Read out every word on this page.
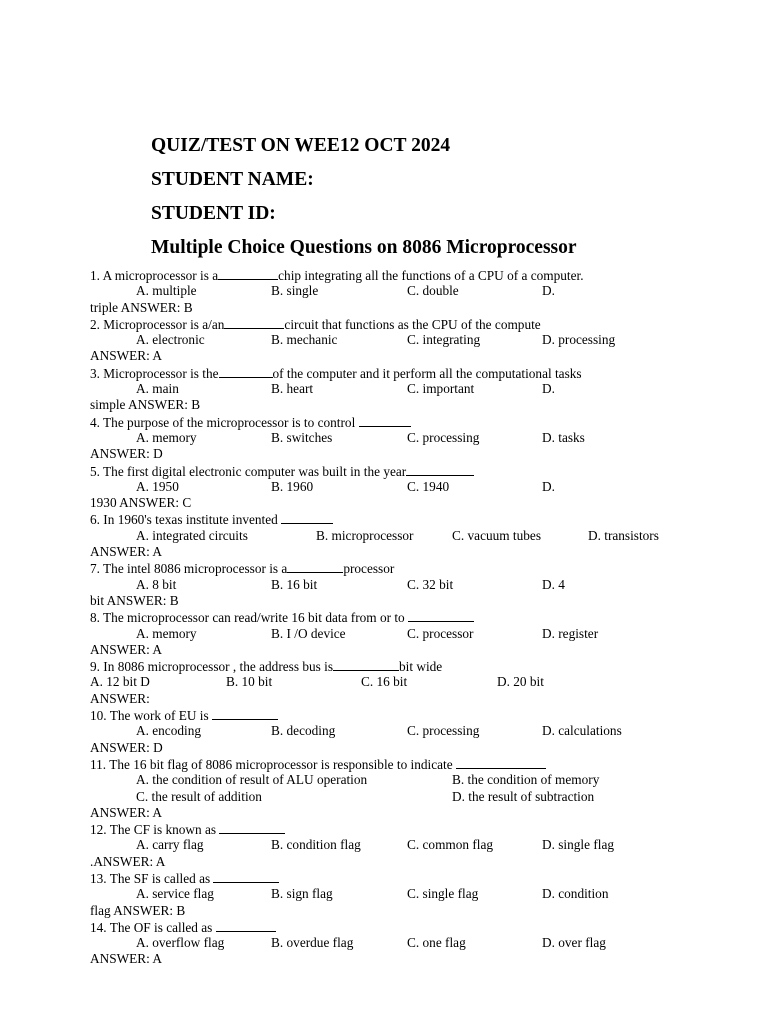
QUIZ/TEST ON WEE12 OCT 2024
STUDENT NAME:
STUDENT ID:
Multiple Choice Questions on 8086 Microprocessor
1. A microprocessor is a	chip integrating all the functions of a CPU of a computer.
A. multiple	B. single	C. double	D.
triple ANSWER: B
2. Microprocessor is a/an	circuit that functions as the CPU of the compute
A. electronic	B. mechanic	C. integrating	D. processing
ANSWER: A
3. Microprocessor is the	of the computer and it perform all the computational tasks
A. main	B. heart	C. important	D.
simple ANSWER: B
4. The purpose of the microprocessor is to control
A. memory	B. switches	C. processing	D. tasks
ANSWER: D
5. The first digital electronic computer was built in the year
A. 1950	B. 1960	C. 1940	D.
1930 ANSWER: C
6. In 1960's texas institute invented
A. integrated circuits	B. microprocessor	C. vacuum tubes	D. transistors
ANSWER: A
7. The intel 8086 microprocessor is a	processor
A. 8 bit	B. 16 bit	C. 32 bit	D. 4
bit ANSWER: B
8. The microprocessor can read/write 16 bit data from or to
A. memory	B. I /O device	C. processor	D. register
ANSWER: A
9. In 8086 microprocessor , the address bus is	bit wide
A. 12 bit D	B. 10 bit	C. 16 bit	D. 20 bit
ANSWER:
10. The work of EU is
A. encoding	B. decoding	C. processing	D. calculations
ANSWER: D
11. The 16 bit flag of 8086 microprocessor is responsible to indicate
A. the condition of result of ALU operation	B. the condition of memory
C. the result of addition	D. the result of subtraction
ANSWER: A
12. The CF is known as
A. carry flag	B. condition flag	C. common flag	D. single flag
.ANSWER: A
13. The SF is called as
A. service flag	B. sign flag	C. single flag	D. condition
flag ANSWER: B
14. The OF is called as
A. overflow flag	B. overdue flag	C. one flag	D. over flag
ANSWER: A
